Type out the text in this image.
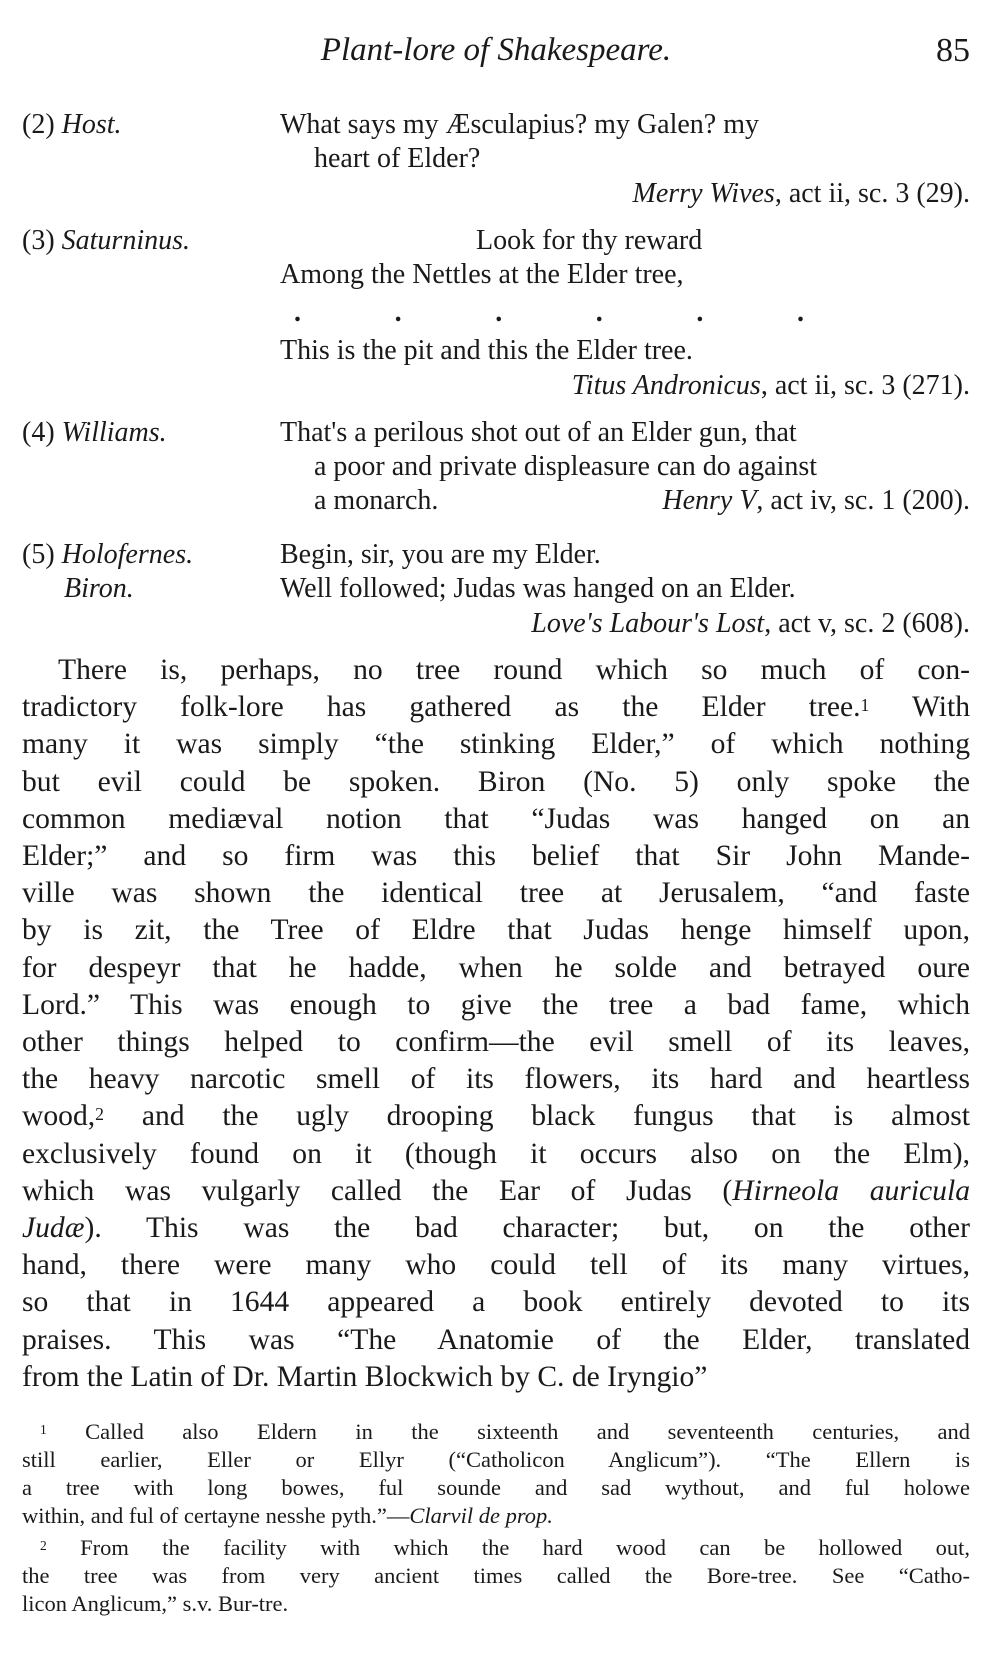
Plant-lore of Shakespeare.	85
(2) Host.	What says my Æsculapius? my Galen? my
heart of Elder?
Merry Wives, act ii, sc. 3 (29).
(3) Saturninus.	Look for thy reward
Among the Nettles at the Elder tree,
.	.	.	.	.	.
This is the pit and this the Elder tree.
Titus Andronicus, act ii, sc. 3 (271).
(4) Williams.	That's a perilous shot out of an Elder gun, that
a poor and private displeasure can do against
a monarch.	Henry V, act iv, sc. 1 (200).
(5) Holofernes.	Begin, sir, you are my Elder.
Biron.	Well followed; Judas was hanged on an Elder.
Love's Labour's Lost, act v, sc. 2 (608).
There is, perhaps, no tree round which so much of con-
tradictory folk-lore has gathered as the Elder tree.$^1$ With
many it was simply “the stinking Elder,” of which nothing
but evil could be spoken. Biron (No. 5) only spoke the
common mediæval notion that “Judas was hanged on an
Elder;” and so firm was this belief that Sir John Mande-
ville was shown the identical tree at Jerusalem, “and faste
by is zit, the Tree of Eldre that Judas henge himself upon,
for despeyr that he hadde, when he solde and betrayed oure
Lord.” This was enough to give the tree a bad fame, which
other things helped to confirm—the evil smell of its leaves,
the heavy narcotic smell of its flowers, its hard and heartless
wood,$^2$ and the ugly drooping black fungus that is almost
exclusively found on it (though it occurs also on the Elm),
which was vulgarly called the Ear of Judas (Hirneola auricula
Judæ). This was the bad character; but, on the other
hand, there were many who could tell of its many virtues,
so that in 1644 appeared a book entirely devoted to its
praises. This was “The Anatomie of the Elder, translated
from the Latin of Dr. Martin Blockwich by C. de Iryngio”
$^1$ Called also Eldern in the sixteenth and seventeenth centuries, and
still earlier, Eller or Ellyr (“Catholicon Anglicum”). “The Ellern is
a tree with long bowes, ful sounde and sad wythout, and ful holowe
within, and ful of certayne nesshe pyth.”—Clarvil de prop.
$^2$ From the facility with which the hard wood can be hollowed out,
the tree was from very ancient times called the Bore-tree. See “Catho-
licon Anglicum,” s.v. Bur-tre.
